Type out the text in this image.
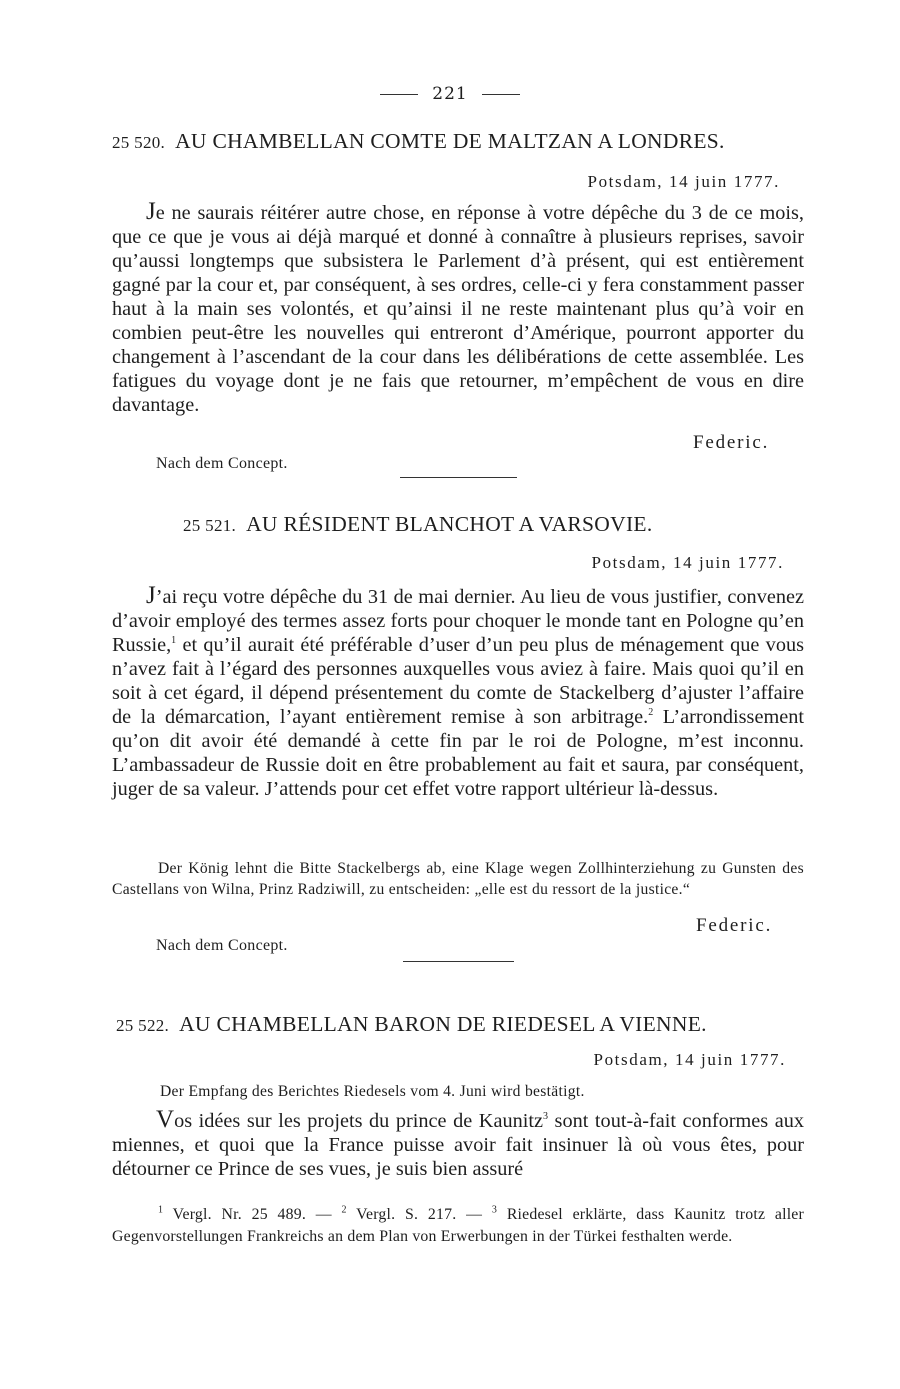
221
25 520. AU CHAMBELLAN COMTE DE MALTZAN A LONDRES.
Potsdam, 14 juin 1777.

Je ne saurais réitérer autre chose, en réponse à votre dépêche du 3 de ce mois, que ce que je vous ai déjà marqué et donné à connaître à plusieurs reprises, savoir qu’aussi longtemps que subsistera le Parlement d’à présent, qui est entièrement gagné par la cour et, par conséquent, à ses ordres, celle-ci y fera constamment passer haut à la main ses volontés, et qu’ainsi il ne reste maintenant plus qu’à voir en combien peut-être les nouvelles qui entreront d’Amérique, pourront apporter du changement à l’ascendant de la cour dans les délibérations de cette assemblée. Les fatigues du voyage dont je ne fais que retourner, m’empêchent de vous en dire davantage.

Federic.
Nach dem Concept.
25 521. AU RÉSIDENT BLANCHOT A VARSOVIE.
Potsdam, 14 juin 1777.

J’ai reçu votre dépêche du 31 de mai dernier. Au lieu de vous justifier, convenez d’avoir employé des termes assez forts pour choquer le monde tant en Pologne qu’en Russie,$^1$ et qu’il aurait été préférable d’user d’un peu plus de ménagement que vous n’avez fait à l’égard des personnes auxquelles vous aviez à faire. Mais quoi qu’il en soit à cet égard, il dépend présentement du comte de Stackelberg d’ajuster l’affaire de la démarcation, l’ayant entièrement remise à son arbitrage.$^2$ L’arrondissement qu’on dit avoir été demandé à cette fin par le roi de Pologne, m’est inconnu. L’ambassadeur de Russie doit en être probablement au fait et saura, par conséquent, juger de sa valeur. J’attends pour cet effet votre rapport ultérieur là-dessus.

Der König lehnt die Bitte Stackelbergs ab, eine Klage wegen Zollhinterziehung zu Gunsten des Castellans von Wilna, Prinz Radziwill, zu entscheiden: „elle est du ressort de la justice.“

Federic.
Nach dem Concept.
25 522. AU CHAMBELLAN BARON DE RIEDESEL A VIENNE.
Potsdam, 14 juin 1777.
Der Empfang des Berichtes Riedesels vom 4. Juni wird bestätigt.

Vos idées sur les projets du prince de Kaunitz$^3$ sont tout-à-fait conformes aux miennes, et quoi que la France puisse avoir fait insinuer là où vous êtes, pour détourner ce Prince de ses vues, je suis bien assuré

$^1$ Vergl. Nr. 25 489. — $^2$ Vergl. S. 217. — $^3$ Riedesel erklärte, dass Kaunitz trotz aller Gegenvorstellungen Frankreichs an dem Plan von Erwerbungen in der Türkei festhalten werde.
